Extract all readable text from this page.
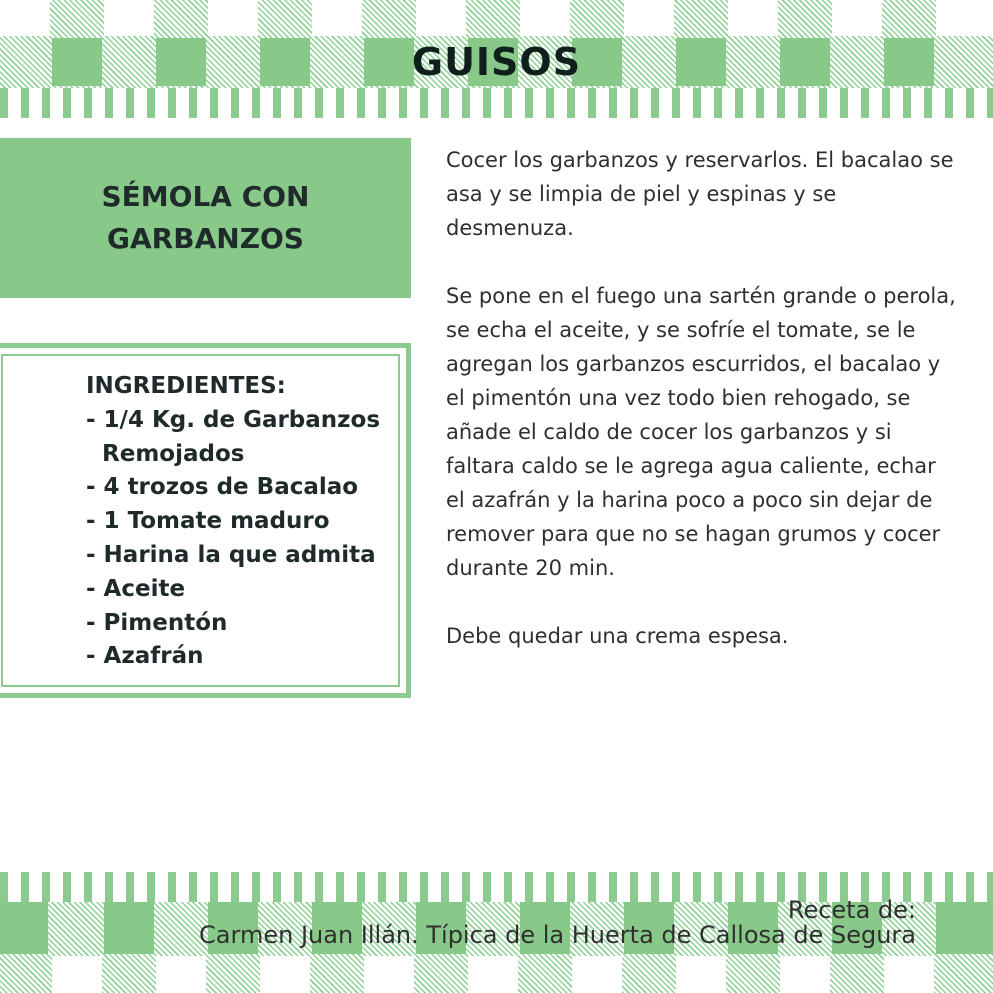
GUISOS
SÉMOLA CON
GARBANZOS
INGREDIENTES:
- 1/4 Kg. de Garbanzos
Remojados
- 4 trozos de Bacalao
- 1 Tomate maduro
- Harina la que admita
- Aceite
- Pimentón
- Azafrán

Cocer los garbanzos y reservarlos. El bacalao se asa y se limpia de piel y espinas y se desmenuza.

Se pone en el fuego una sartén grande o perola, se echa el aceite, y se sofríe el tomate, se le agregan los garbanzos escurridos, el bacalao y el pimentón una vez todo bien rehogado, se añade el caldo de cocer los garbanzos y si faltara caldo se le agrega agua caliente, echar el azafrán y la harina poco a poco sin dejar de remover para que no se hagan grumos y cocer durante 20 min.

Debe quedar una crema espesa.

Receta de:
Carmen Juan Illán. Típica de la Huerta de Callosa de Segura
